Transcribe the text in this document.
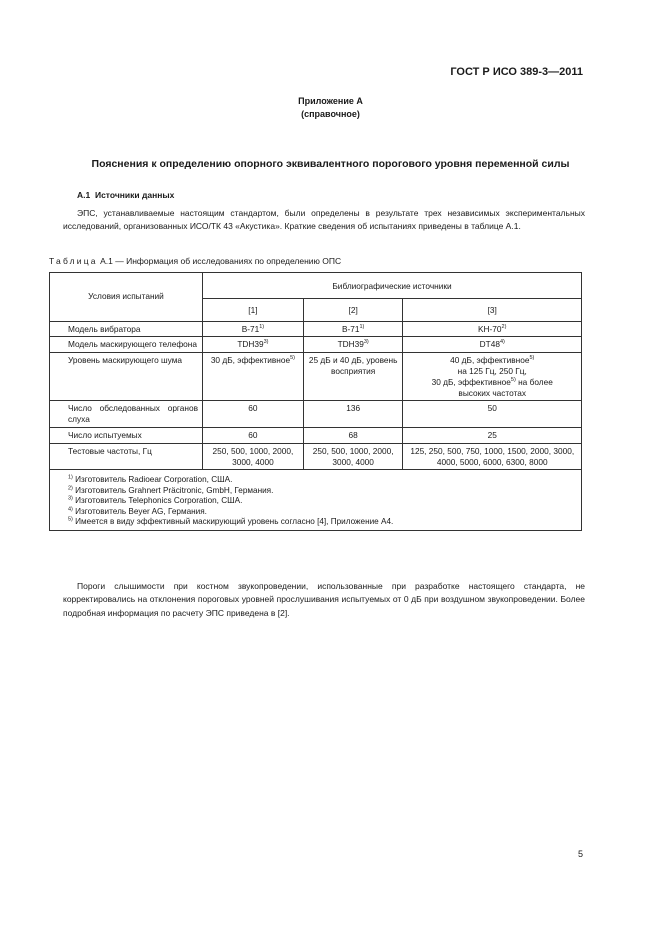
ГОСТ Р ИСО 389-3—2011
Приложение А
(справочное)
Пояснения к определению опорного эквивалентного порогового уровня переменной силы
А.1 Источники данных
ЭПС, устанавливаемые настоящим стандартом, были определены в результате трех независимых экспериментальных исследований, организованных ИСО/ТК 43 «Акустика». Краткие сведения об испытаниях приведены в таблице А.1.
Таблица А.1 — Информация об исследованиях по определению ОПС
Условия испытаний	Библиографические источники		
	[1]	[2]	[3]
Модель вибратора	B-71$^{1)}$	B-71$^{1)}$	KH-70$^{2)}$
Модель маскирующего телефона	TDH39$^{3)}$	TDH39$^{3)}$	DT48$^{4)}$
Уровень маскирующего шума	30 дБ, эффективное$^{5)}$	25 дБ и 40 дБ, уровень восприятия	40 дБ, эффективное$^{5)}$
на 125 Гц, 250 Гц,
30 дБ, эффективное$^{5)}$ на более
высоких частотах
Число обследованных органов слуха	60	136	50
Число испытуемых	60	68	25
Тестовые частоты, Гц	250, 500, 1000, 2000, 3000, 4000	250, 500, 1000, 2000, 3000, 4000	125, 250, 500, 750, 1000, 1500, 2000, 3000, 4000, 5000, 6000, 6300, 8000

$^{1)}$ Изготовитель Radioear Corporation, США.
$^{2)}$ Изготовитель Grahnert Präcitronic, GmbH, Германия.
$^{3)}$ Изготовитель Telephonics Corporation, США.
$^{4)}$ Изготовитель Beyer AG, Германия.
$^{5)}$ Имеется в виду эффективный маскирующий уровень согласно [4], Приложение А4.			
Пороги слышимости при костном звукопроведении, использованные при разработке настоящего стандарта, не корректировались на отклонения пороговых уровней прослушивания испытуемых от 0 дБ при воздушном звукопроведении. Более подробная информация по расчету ЭПС приведена в [2].
5
